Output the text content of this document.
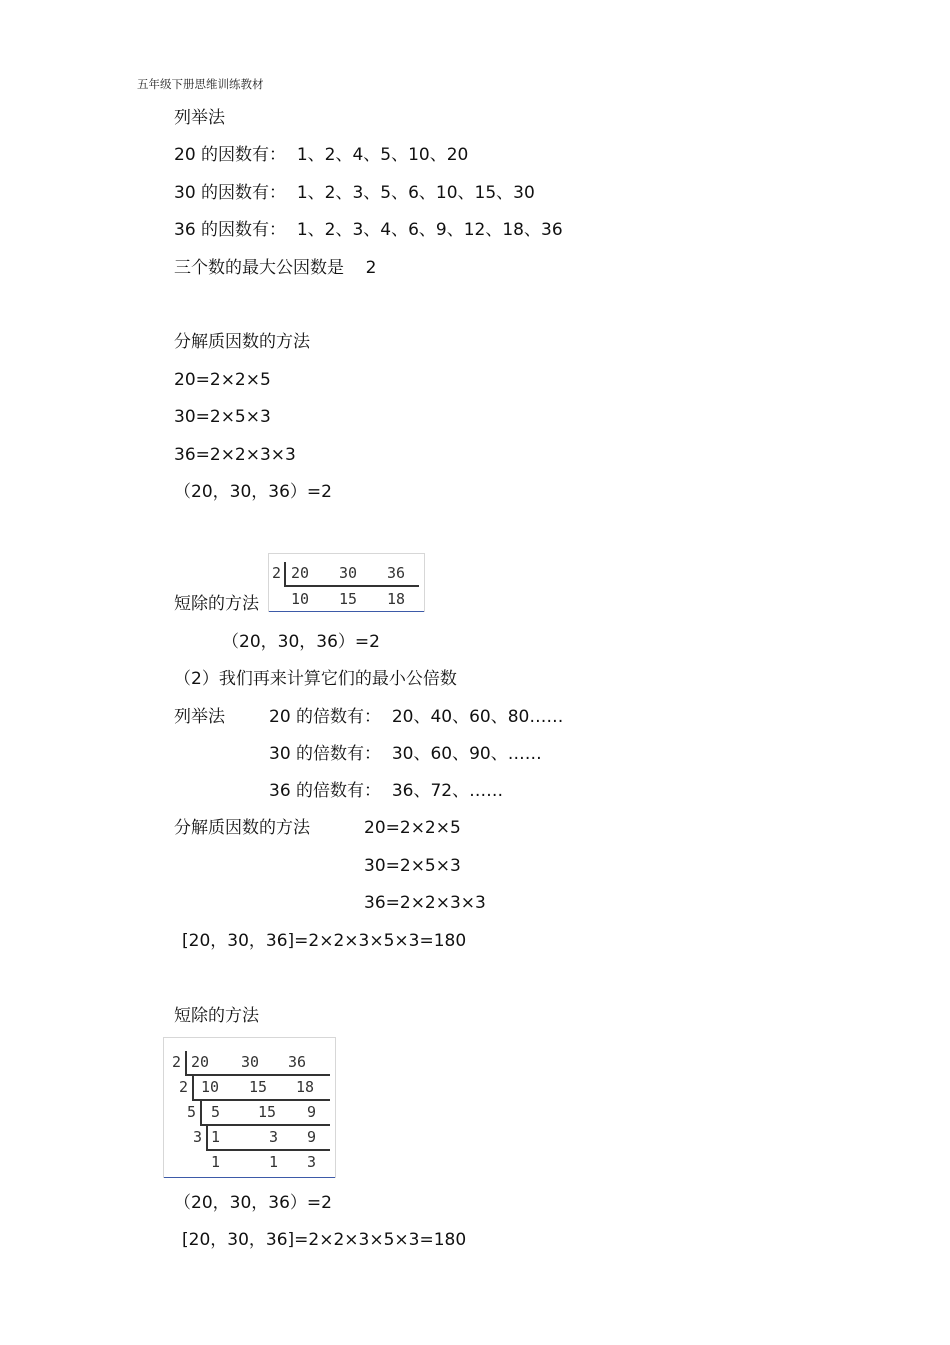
五年级下册思维训练教材
列举法
20 的因数有：  1、2、4、5、10、20
30 的因数有：  1、2、3、5、6、10、15、30
36 的因数有：  1、2、3、4、6、9、12、18、36
三个数的最大公因数是    2
分解质因数的方法
20=2×2×5
30=2×5×3
36=2×2×3×3
（20，30，36）=2
短除的方法
2 20 30 36
10 15 18
（20，30，36）=2
（2）我们再来计算它们的最小公倍数
列举法	20 的倍数有：  20、40、60、80……
30 的倍数有：  30、60、90、……
36 的倍数有：  36、72、……
分解质因数的方法	20=2×2×5
30=2×5×3
36=2×2×3×3
[20，30，36]=2×2×3×5×3=180
短除的方法
2 20 30 36
2 10 15 18
5 5	15 9
3 1	3 9
1	1 3
（20，30，36）=2
[20，30，36]=2×2×3×5×3=180
